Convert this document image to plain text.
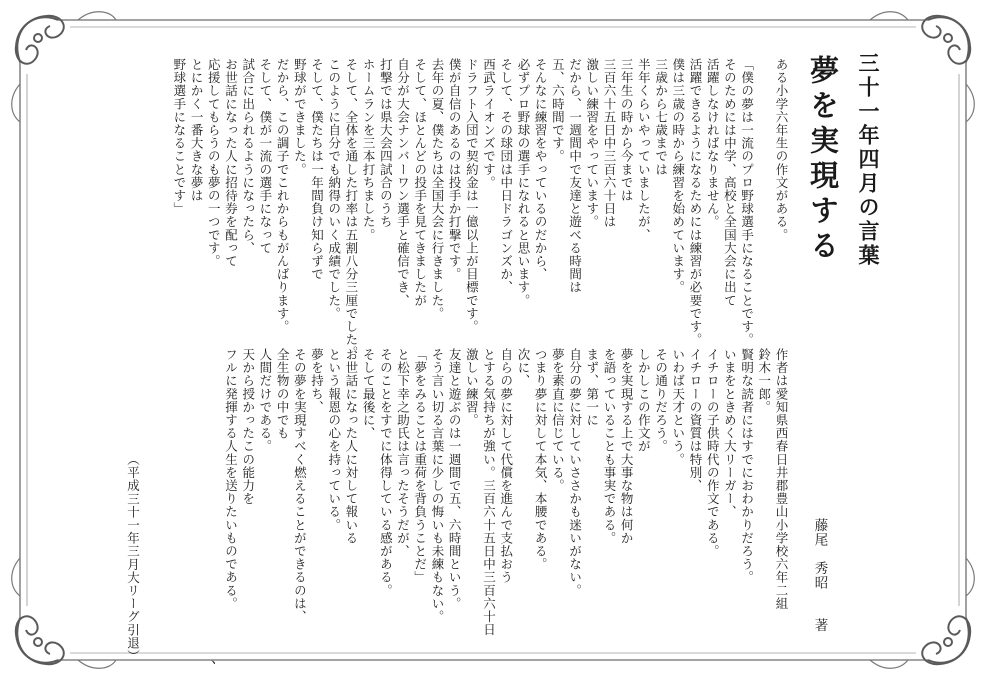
三十一年四月の言葉
夢を実現する
藤尾秀昭著
ある小学六年生の作文がある。
「僕の夢は一流のプロ野球選手になることです。
そのためには中学、高校と全国大会に出て
活躍しなければなりません。
活躍できるようになるためには練習が必要です。
僕は三歳の時から練習を始めています。
三歳から七歳までは
半年くらいやっていましたが、
三年生の時から今までは
三百六十五日中三百六十日は
激しい練習をやっています。
だから、一週間中で友達と遊べる時間は
五、六時間です。
そんなに練習をやっているのだから、
必ずプロ野球の選手になれると思います。
そして、その球団は中日ドラゴンズか、
西武ライオンズです。
ドラフト入団で契約金は一億以上が目標です。
僕が自信のあるのは投手か打撃です。
去年の夏、僕たちは全国大会に行きました。
そして、ほとんどの投手を見てきましたが
自分が大会ナンバーワン選手と確信でき、
打撃では県大会四試合のうち
ホームランを三本打ちました。
そして、全体を通した打率は五割八分三厘でした。
このように自分でも納得のいく成績でした。
そして、僕たちは一年間負け知らずで
野球ができました。
だから、この調子でこれからもがんばります。
そして、僕が一流の選手になって
試合に出られるようになったら、
お世話になった人に招待券を配って
応援してもらうのも夢の一つです。
とにかく一番大きな夢は
野球選手になることです」
作者は愛知県西春日井郡豊山小学校六年二組
鈴木一郎。
賢明な読者にはすでにおわかりだろう。
いまをときめく大リーガー、
イチローの子供時代の作文である。
イチローの資質は特別、
いわば天才という。
その通りだろう。
しかしこの作文が
夢を実現する上で大事な物は何か
を語っていることも事実である。
まず、第一に
自分の夢に対していささかも迷いがない。
夢を素直に信じている。
つまり夢に対して本気、本腰である。
次に、
自らの夢に対して代償を進んで支払おう
とする気持ちが強い。三百六十五日中三百六十日
激しい練習。
友達と遊ぶのは一週間で五、六時間という。
そう言い切る言葉に少しの悔いも未練もない。
「夢をみることは重荷を背負うことだ」
と松下幸之助氏は言ったそうだが、
そのことをすでに体得している感がある。
そして最後に、
お世話になった人に対して報いる
という報恩の心を持っている。
夢を持ち、
その夢を実現すべく燃えることができるのは、
全生物の中でも
人間だけである。
天から授かったこの能力を
フルに発揮する人生を送りたいものである。
（平成三十一年三月大リーグ引退）	、
